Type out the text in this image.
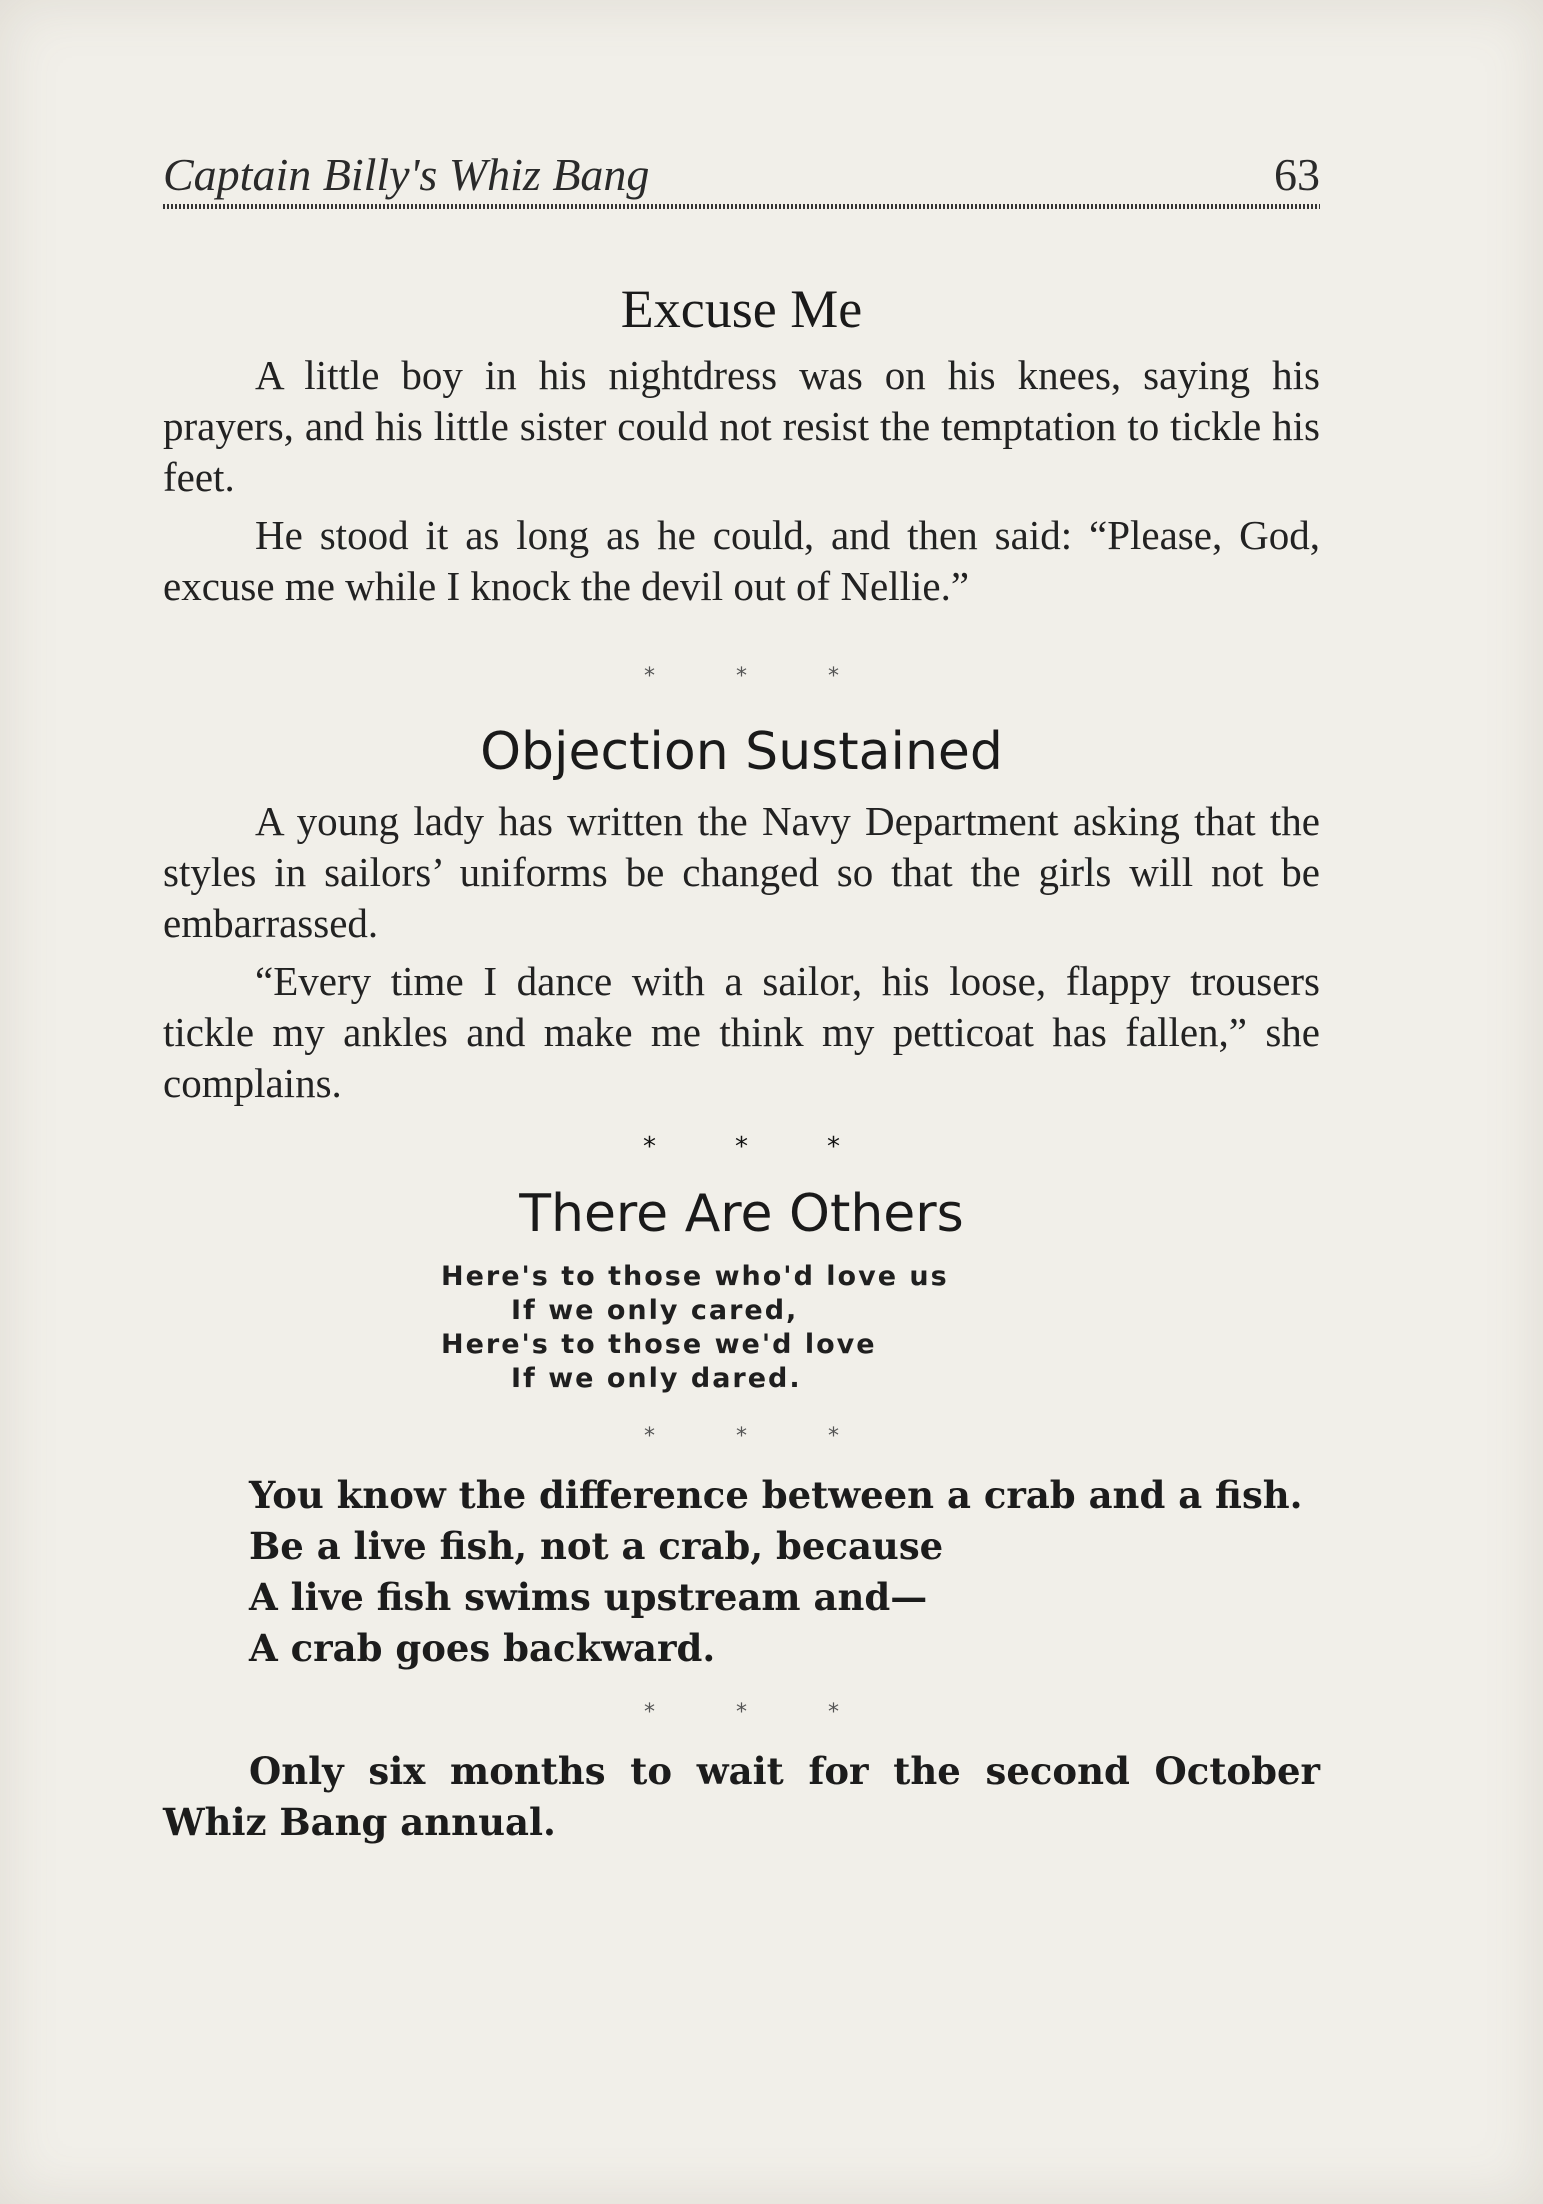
Captain Billy's Whiz Bang	63
Excuse Me

A little boy in his nightdress was on his knees, saying his prayers, and his little sister could not resist the temptation to tickle his feet.

He stood it as long as he could, and then said: “Please, God, excuse me while I knock the devil out of Nellie.”

*	*	*
Objection Sustained

A young lady has written the Navy Department asking that the styles in sailors’ uniforms be changed so that the girls will not be embarrassed.

“Every time I dance with a sailor, his loose, flappy trousers tickle my ankles and make me think my petticoat has fallen,” she complains.

*	*	*
There Are Others
Here's to those who'd love us
If we only cared,
Here's to those we'd love
If we only dared.
*	*	*
You know the difference between a crab and a fish.
Be a live fish, not a crab, because
A live fish swims upstream and—
A crab goes backward.
*	*	*

Only six months to wait for the second October Whiz Bang annual.
